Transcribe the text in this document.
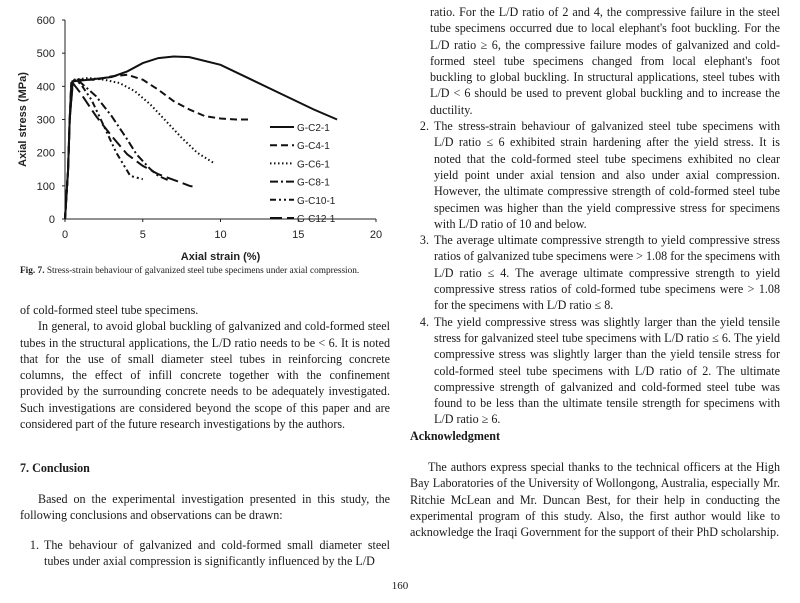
0
100
200
300
400
500
600
0	5	10	15	20
Axial strain (%)
Axial stress (MPa)	G-C2-1
G-C4-1
G-C6-1
G-C8-1
G-C10-1
G-C12-1
Fig. 7. Stress-strain behaviour of galvanized steel tube specimens under axial compression.

of cold-formed steel tube specimens.

In general, to avoid global buckling of galvanized and cold-formed steel tubes in the structural applications, the L/D ratio needs to be < 6. It is noted that for the use of small diameter steel tubes in reinforcing concrete columns, the effect of infill concrete together with the confinement provided by the surrounding concrete needs to be adequately investigated. Such investigations are considered beyond the scope of this paper and are considered part of the future research investigations by the authors.

7. Conclusion

Based on the experimental investigation presented in this study, the following conclusions and observations can be drawn:

1. The behaviour of galvanized and cold-formed small diameter steel tubes under axial compression is significantly influenced by the L/D

ratio. For the L/D ratio of 2 and 4, the compressive failure in the steel tube specimens occurred due to local elephant's foot buckling. For the L/D ratio ≥ 6, the compressive failure modes of galvanized and cold-formed steel tube specimens changed from local elephant's foot buckling to global buckling. In structural applications, steel tubes with L/D < 6 should be used to prevent global buckling and to increase the ductility.

2. The stress-strain behaviour of galvanized steel tube specimens with L/D ratio ≤ 6 exhibited strain hardening after the yield stress. It is noted that the cold-formed steel tube specimens exhibited no clear yield point under axial tension and also under axial compression. However, the ultimate compressive strength of cold-formed steel tube specimen was higher than the yield compressive stress for specimens with L/D ratio of 10 and below.
3. The average ultimate compressive strength to yield compressive stress ratios of galvanized tube specimens were > 1.08 for the specimens with L/D ratio ≤ 4. The average ultimate compressive strength to yield compressive stress ratios of cold-formed tube specimens were > 1.08 for the specimens with L/D ratio ≤ 8.
4. The yield compressive stress was slightly larger than the yield tensile stress for galvanized steel tube specimens with L/D ratio ≤ 6. The yield compressive stress was slightly larger than the yield tensile stress for cold-formed steel tube specimens with L/D ratio of 2. The ultimate compressive strength of galvanized and cold-formed steel tube was found to be less than the ultimate tensile strength for specimens with L/D ratio ≥ 6.

Acknowledgment

The authors express special thanks to the technical officers at the High Bay Laboratories of the University of Wollongong, Australia, especially Mr. Ritchie McLean and Mr. Duncan Best, for their help in conducting the experimental program of this study. Also, the first author would like to acknowledge the Iraqi Government for the support of their PhD scholarship.

160
